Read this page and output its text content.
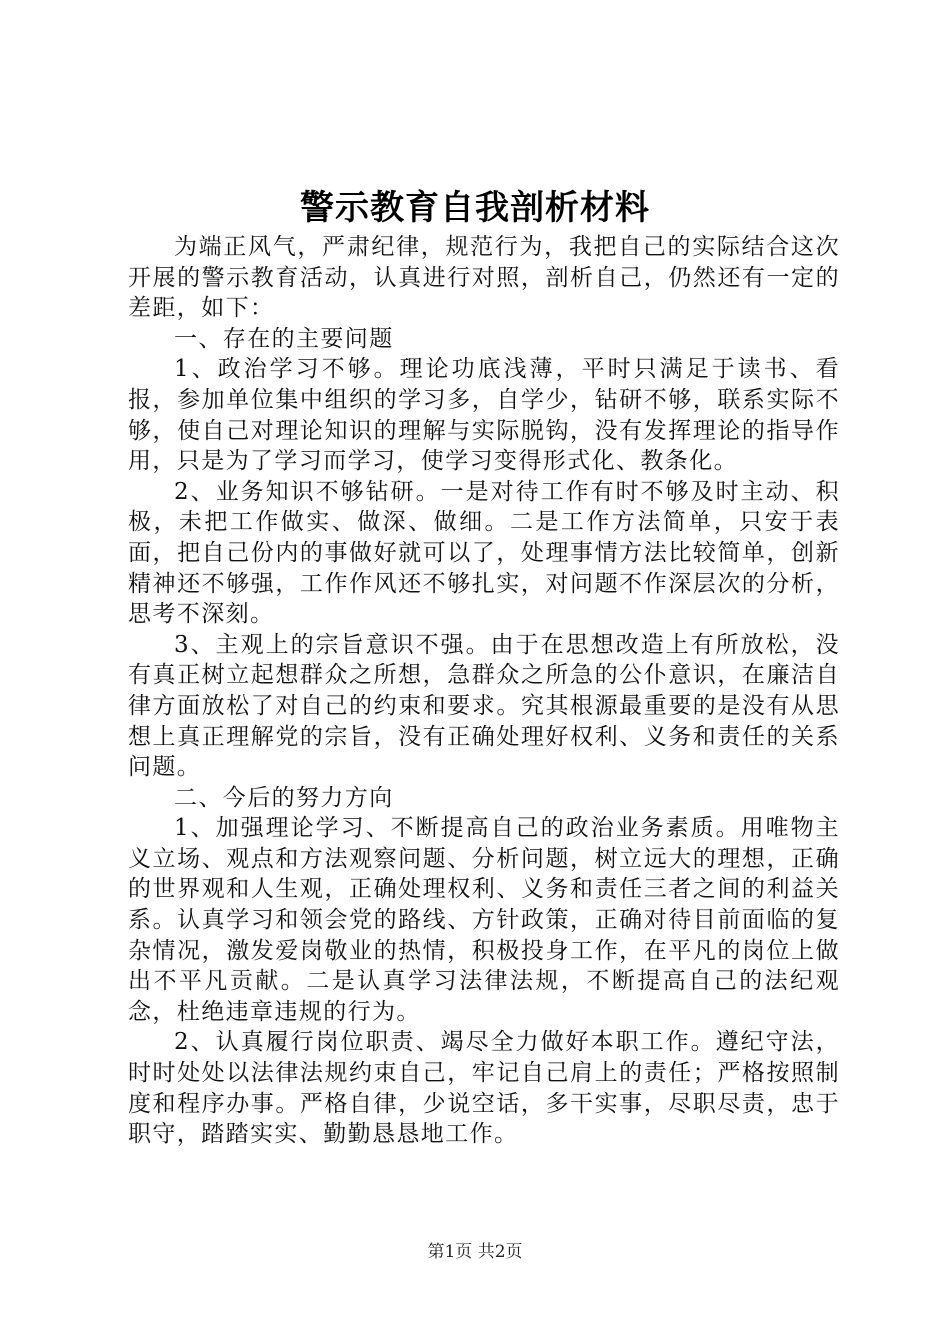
警示教育自我剖析材料

为端正风气，严肃纪律，规范行为，我把自己的实际结合这次开展的警示教育活动，认真进行对照，剖析自己，仍然还有一定的差距，如下：

一、存在的主要问题

1、政治学习不够。理论功底浅薄，平时只满足于读书、看报，参加单位集中组织的学习多，自学少，钻研不够，联系实际不够，使自己对理论知识的理解与实际脱钩，没有发挥理论的指导作用，只是为了学习而学习，使学习变得形式化、教条化。

2、业务知识不够钻研。一是对待工作有时不够及时主动、积极，未把工作做实、做深、做细。二是工作方法简单，只安于表面，把自己份内的事做好就可以了，处理事情方法比较简单，创新精神还不够强，工作作风还不够扎实，对问题不作深层次的分析，思考不深刻。

3、主观上的宗旨意识不强。由于在思想改造上有所放松，没有真正树立起想群众之所想，急群众之所急的公仆意识，在廉洁自律方面放松了对自己的约束和要求。究其根源最重要的是没有从思想上真正理解党的宗旨，没有正确处理好权利、义务和责任的关系问题。

二、今后的努力方向

1、加强理论学习、不断提高自己的政治业务素质。用唯物主义立场、观点和方法观察问题、分析问题，树立远大的理想，正确的世界观和人生观，正确处理权利、义务和责任三者之间的利益关系。认真学习和领会党的路线、方针政策，正确对待目前面临的复杂情况，激发爱岗敬业的热情，积极投身工作，在平凡的岗位上做出不平凡贡献。二是认真学习法律法规，不断提高自己的法纪观念，杜绝违章违规的行为。

2、认真履行岗位职责、竭尽全力做好本职工作。遵纪守法，时时处处以法律法规约束自己，牢记自己肩上的责任；严格按照制度和程序办事。严格自律，少说空话，多干实事，尽职尽责，忠于职守，踏踏实实、勤勤恳恳地工作。

第1页 共2页
